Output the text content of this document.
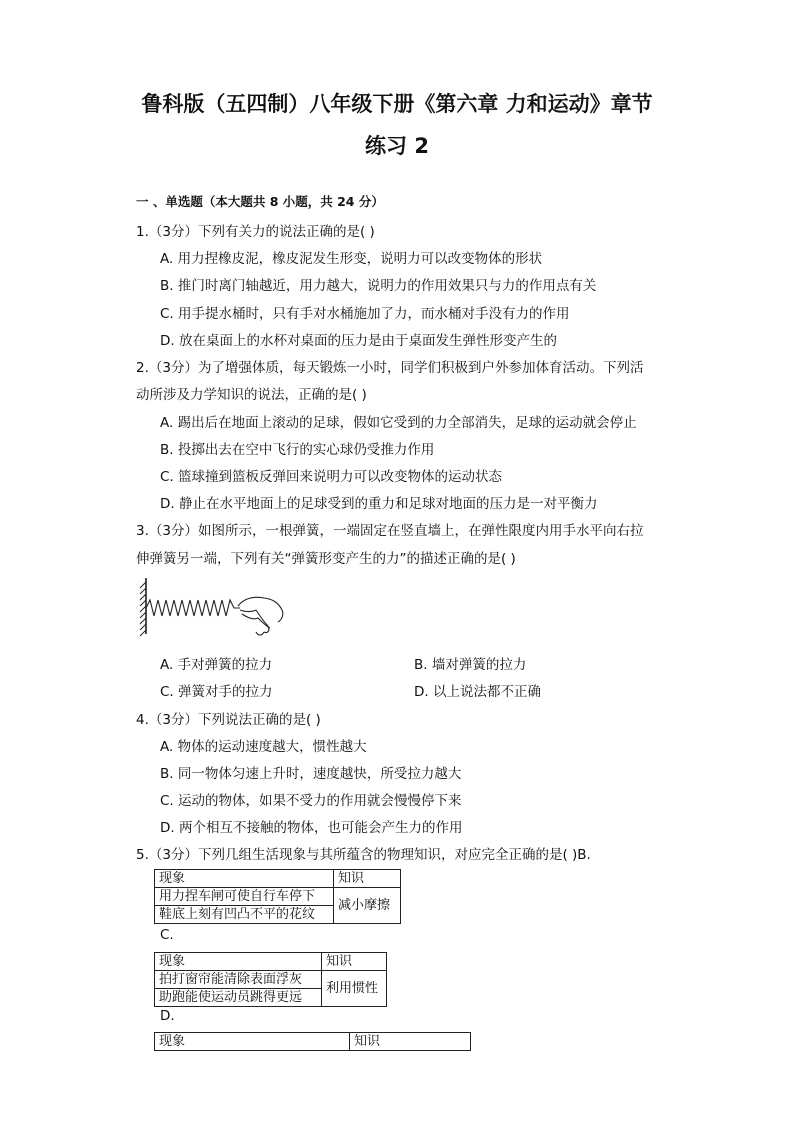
鲁科版（五四制）八年级下册《第六章 力和运动》章节
练习 2
一 、单选题（本大题共 8 小题，共 24 分）
1.（3分）下列有关力的说法正确的是( )
A. 用力捏橡皮泥，橡皮泥发生形变，说明力可以改变物体的形状
B. 推门时离门轴越近，用力越大，说明力的作用效果只与力的作用点有关
C. 用手提水桶时，只有手对水桶施加了力，而水桶对手没有力的作用
D. 放在桌面上的水杯对桌面的压力是由于桌面发生弹性形变产生的
2.（3分）为了增强体质，每天锻炼一小时，同学们积极到户外参加体育活动。下列活
动所涉及力学知识的说法，正确的是( )
A. 踢出后在地面上滚动的足球，假如它受到的力全部消失，足球的运动就会停止
B. 投掷出去在空中飞行的实心球仍受推力作用
C. 篮球撞到篮板反弹回来说明力可以改变物体的运动状态
D. 静止在水平地面上的足球受到的重力和足球对地面的压力是一对平衡力
3.（3分）如图所示，一根弹簧，一端固定在竖直墙上，在弹性限度内用手水平向右拉
伸弹簧另一端，下列有关“弹簧形变产生的力”的描述正确的是( )
A. 手对弹簧的拉力	B. 墙对弹簧的拉力
C. 弹簧对手的拉力	D. 以上说法都不正确
4.（3分）下列说法正确的是( )
A. 物体的运动速度越大，惯性越大
B. 同一物体匀速上升时，速度越快，所受拉力越大
C. 运动的物体，如果不受力的作用就会慢慢停下来
D. 两个相互不接触的物体，也可能会产生力的作用
5.（3分）下列几组生活现象与其所蕴含的物理知识，对应完全正确的是( )B.
现象	知识
用力捏车闸可使自行车停下	减小摩擦
鞋底上刻有凹凸不平的花纹	
C.
现象	知识
拍打窗帘能清除表面浮灰	利用惯性
助跑能使运动员跳得更远	
D.
现象	知识
